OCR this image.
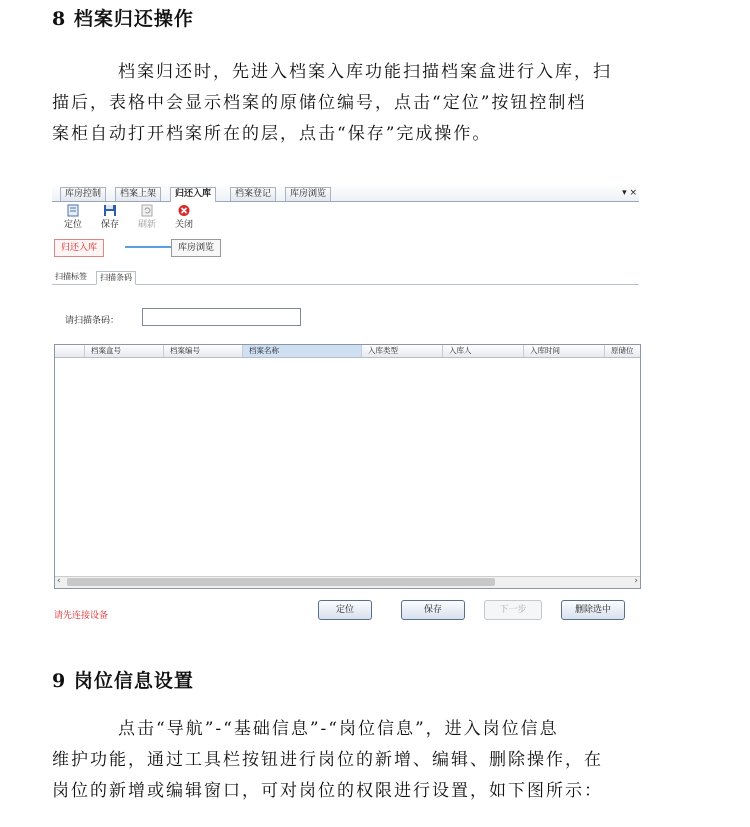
8 档案归还操作
档案归还时，先进入档案入库功能扫描档案盒进行入库，扫
描后，表格中会显示档案的原储位编号，点击“定位”按钮控制档
案柜自动打开档案所在的层，点击“保存”完成操作。
库房控制	档案上架	归还入库	档案登记	库房浏览	▾ ×
定位	保存	刷新	关闭
归还入库	库房浏览
扫描标签	扫描条码
请扫描条码：
档案盒号	档案编号	档案名称	入库类型	入库人	入库时间	原储位
‹	›
请先连接设备
定位	保存	下一步	删除选中
9 岗位信息设置
点击“导航”-“基础信息”-“岗位信息”，进入岗位信息
维护功能，通过工具栏按钮进行岗位的新增、编辑、删除操作，在
岗位的新增或编辑窗口，可对岗位的权限进行设置，如下图所示：
